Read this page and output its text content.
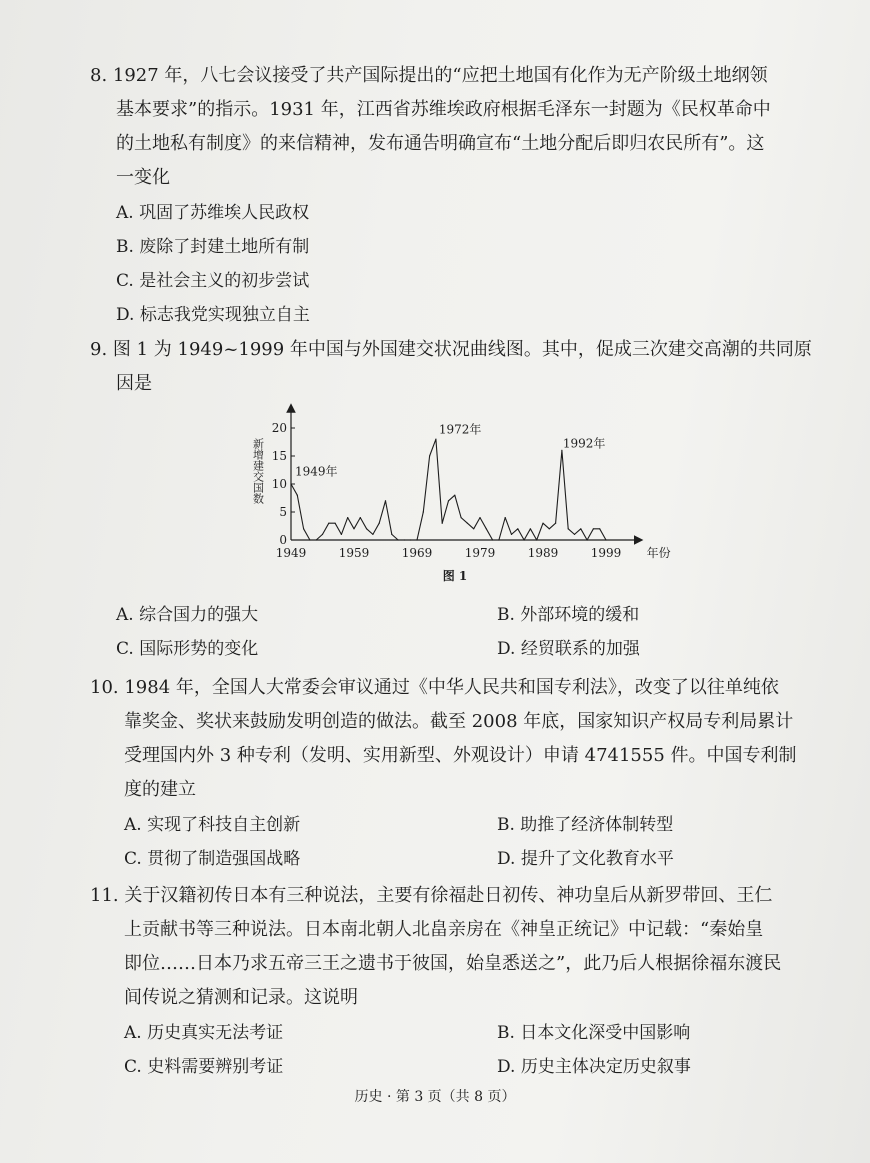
8. 1927 年，八七会议接受了共产国际提出的“应把土地国有化作为无产阶级土地纲领
基本要求”的指示。1931 年，江西省苏维埃政府根据毛泽东一封题为《民权革命中
的土地私有制度》的来信精神，发布通告明确宣布“土地分配后即归农民所有”。这
一变化
A. 巩固了苏维埃人民政权
B. 废除了封建土地所有制
C. 是社会主义的初步尝试
D. 标志我党实现独立自主
9. 图 1 为 1949~1999 年中国与外国建交状况曲线图。其中，促成三次建交高潮的共同原
因是
0
5
10
15
20
1949	1959	1969	1979	1989	1999 年份
新增建交国数	1949年
1972年
1992年
图 1
A. 综合国力的强大	B. 外部环境的缓和
C. 国际形势的变化	D. 经贸联系的加强
10. 1984 年，全国人大常委会审议通过《中华人民共和国专利法》，改变了以往单纯依
靠奖金、奖状来鼓励发明创造的做法。截至 2008 年底，国家知识产权局专利局累计
受理国内外 3 种专利（发明、实用新型、外观设计）申请 4741555 件。中国专利制
度的建立
A. 实现了科技自主创新	B. 助推了经济体制转型
C. 贯彻了制造强国战略	D. 提升了文化教育水平
11. 关于汉籍初传日本有三种说法，主要有徐福赴日初传、神功皇后从新罗带回、王仁
上贡献书等三种说法。日本南北朝人北畠亲房在《神皇正统记》中记载：“秦始皇
即位……日本乃求五帝三王之遗书于彼国，始皇悉送之”，此乃后人根据徐福东渡民
间传说之猜测和记录。这说明
A. 历史真实无法考证	B. 日本文化深受中国影响
C. 史料需要辨别考证	D. 历史主体决定历史叙事
历史 · 第 3 页（共 8 页）
